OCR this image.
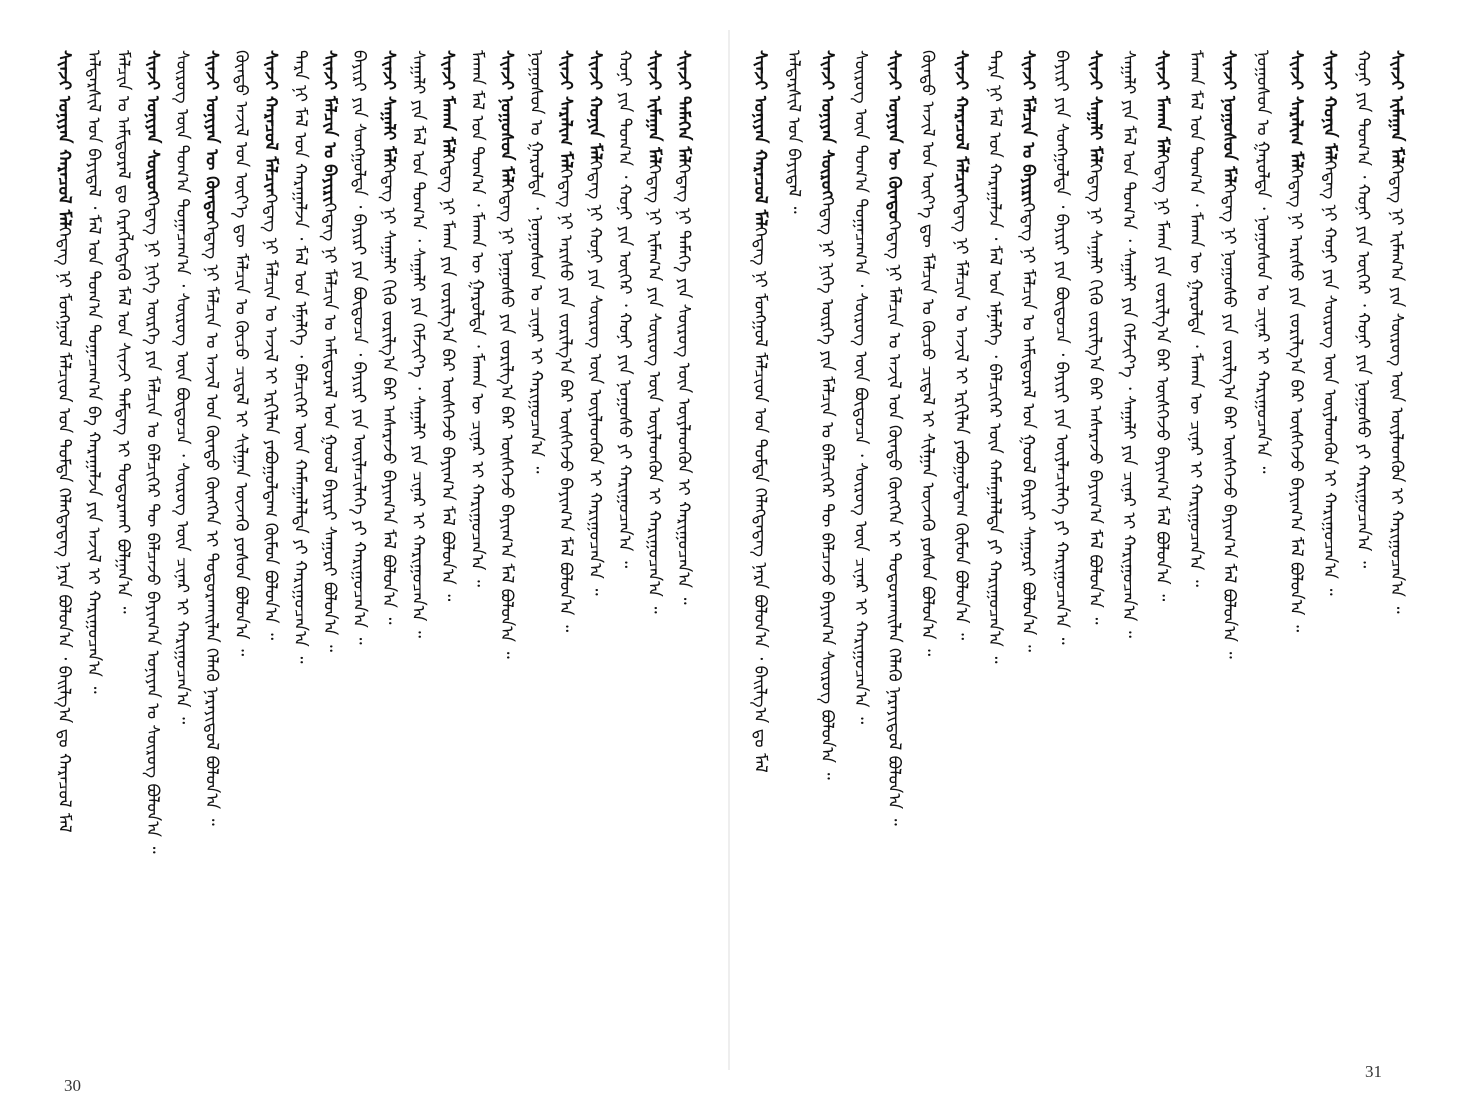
ᠰᠢᠨᠵᠢ ᠤᠨᠢᠶᠡᠨ ᠬᠠᠷᠠᠴᠤᠯ ᠮᠠᠯᠭᠡᠳᠡᠭ ᠨᠢ ᠮᠣᠩᠭᠣᠯ ᠮᠠᠯᠴᠢᠳ ᠤᠨ ᠳᠤᠮᠳᠠ ᠬᠡᠯᠡᠭᠳᠡᠳᠡᠭ ᠨᠡᠷᠡ ᠪᠣᠯᠤᠨ᠎ᠠ ᠂ ᠪᠠᠢᠯᠭ᠎ᠠ ᠳᠤ ᠬᠠᠷᠠᠴᠤᠯ ᠮᠠᠯ ᠠᠯᠳᠠᠷᠰᠢᠯ ᠤᠨ ᠪᠠᠶᠢᠳᠠᠯ ᠂ ᠮᠠᠯ ᠤᠨ ᠲᠣᠭ᠎ᠠ ᠲᠣᠭᠠᠴᠠᠭ᠎ᠠ ᠪᠠ ᠬᠠᠷᠠᠭᠠᠯᠵᠠ ᠶᠢᠨ ᠠᠵᠢᠯ ᠢ ᠬᠠᠷᠢᠭᠤᠴᠠᠨ᠎ᠠ ᠃ ᠮᠠᠯᠴᠢᠨ ᠤ ᠠᠮᠢᠳᠤᠷᠠᠯ ᠳᠤ ᠬᠡᠷᠡᠭᠯᠡᠭᠳᠡᠬᠦ ᠮᠠᠯ ᠤᠨ ᠰᠢᠨᠵᠢ ᠲᠡᠮᠳᠡᠭ ᠢ ᠲᠣᠳᠤᠷᠬᠠᠢ ᠪᠣᠯᠭᠠᠨ᠎ᠠ ᠃ ᠰᠢᠨᠵᠢ ᠤᠨᠢᠶᠡᠨ ᠰᠦᠷᠦᠭᠭᠡᠳᠡᠭ ᠨᠢ ᠨᠢᠭᠡ ᠥᠷᠬᠡ ᠶᠢᠨ ᠮᠠᠯᠴᠢᠨ ᠤ ᠪᠡᠯᠴᠢᠭᠡᠷ ᠲᠦ ᠪᠡᠯᠴᠡᠵᠦ ᠪᠠᠶᠢᠭ᠎ᠠ ᠤᠨᠢᠶᠡᠨ ᠤ ᠰᠦᠷᠦᠭ ᠪᠣᠯᠤᠨ᠎ᠠ ᠃ ᠰᠦᠷᠦᠭ ᠦᠨ ᠲᠣᠭ᠎ᠠ ᠲᠣᠭᠠᠴᠠᠭ᠎ᠠ ᠂ ᠰᠦᠷᠦᠭ ᠦᠨ ᠪᠦᠲᠦᠴᠡ ᠂ ᠰᠦᠷᠦᠭ ᠦᠨ ᠴᠢᠨᠠᠷ ᠢ ᠬᠠᠷᠢᠭᠤᠴᠠᠨ᠎ᠠ ᠃ ᠰᠢᠨᠵᠢ ᠤᠨᠢᠶᠡᠨ ᠦ ᠬᠦᠨᠳᠦᠭᠡᠳᠡᠭ ᠨᠢ ᠮᠠᠯᠴᠢᠨ ᠤ ᠠᠵᠢᠯ ᠤᠨ ᠬᠦᠨᠳᠦ ᠬᠥᠩᠭᠡᠨ ᠢ ᠲᠣᠳᠤᠷᠬᠠᠢᠯᠠᠨ ᠬᠡᠯᠡᠬᠦ ᠨᠡᠷᠡᠶᠢᠳᠦᠯ ᠪᠣᠯᠤᠨ᠎ᠠ ᠃ ᠬᠦᠨᠳᠦ ᠠᠵᠢᠯ ᠤᠨ ᠦᠶ᠎ᠡ ᠳᠦ ᠮᠠᠯᠴᠢᠨ ᠤ ᠬᠦᠴᠦ ᠴᠢᠳᠠᠯ ᠢ ᠰᠢᠯᠭᠠᠨ ᠦᠵᠡᠬᠦ ᠶᠣᠰᠣᠨ ᠪᠣᠯᠤᠨ᠎ᠠ ᠃ ᠰᠢᠨᠵᠢ ᠬᠠᠷᠠᠴᠤᠯ ᠮᠠᠯᠴᠢᠨᠭᠡᠳᠡᠭ ᠨᠢ ᠮᠠᠯᠴᠢᠨ ᠤ ᠠᠵᠢᠯ ᠢ ᠡᠷᠬᠢᠯᠡᠨ ᠶᠠᠪᠤᠭᠤᠯᠳᠠᠭ ᠬᠦᠮᠦᠨ ᠪᠣᠯᠤᠨ᠎ᠠ ᠃ ᠲᠡᠷᠡ ᠨᠢ ᠮᠠᠯ ᠤᠨ ᠬᠠᠷᠠᠭᠠᠯᠵᠠ ᠂ ᠮᠠᠯ ᠤᠨ ᠡᠮᠨᠡᠯᠭᠡ ᠂ ᠪᠡᠯᠴᠢᠭᠡᠷ ᠦᠨ ᠬᠠᠮᠠᠭᠠᠯᠠᠯᠲᠠ ᠶᠢ ᠬᠠᠷᠢᠭᠤᠴᠠᠨ᠎ᠠ ᠃ ᠰᠢᠨᠵᠢ ᠮᠠᠯᠴᠢᠨ ᠤ ᠪᠠᠶᠢᠷᠢᠭᠡᠳᠡᠭ ᠨᠢ ᠮᠠᠯᠴᠢᠨ ᠤ ᠠᠮᠢᠳᠤᠷᠠᠯ ᠤᠨ ᠭᠣᠣᠯ ᠪᠠᠶᠢᠷᠢ ᠰᠠᠭᠤᠷᠢ ᠪᠣᠯᠤᠨ᠎ᠠ ᠃ ᠪᠠᠶᠢᠷᠢ ᠶᠢᠨ ᠰᠣᠩᠭᠤᠯᠲᠠ ᠂ ᠪᠠᠶᠢᠷᠢ ᠶᠢᠨ ᠪᠦᠲᠦᠴᠡ ᠂ ᠪᠠᠶᠢᠷᠢ ᠶᠢᠨ ᠦᠶᠯᠡᠴᠢᠯᠡᠭᠡ ᠶᠢ ᠬᠠᠷᠢᠭᠤᠴᠠᠨ᠎ᠠ ᠃ ᠰᠢᠨᠵᠢ ᠰᠠᠭᠠᠯᠢ ᠮᠠᠯᠭᠡᠳᠡᠭ ᠨᠢ ᠰᠠᠭᠠᠯᠢ ᠬᠢᠬᠦ ᠵᠣᠷᠢᠯᠭ᠎ᠠ ᠪᠠᠷ ᠠᠰᠠᠷᠠᠵᠤ ᠪᠠᠶᠢᠭ᠎ᠠ ᠮᠠᠯ ᠪᠣᠯᠤᠨ᠎ᠠ ᠃ ᠰᠠᠭᠠᠯᠢ ᠶᠢᠨ ᠮᠠᠯ ᠤᠨ ᠲᠣᠭ᠎ᠠ ᠂ ᠰᠠᠭᠠᠯᠢ ᠶᠢᠨ ᠬᠡᠮᠵᠢᠶ᠎ᠡ ᠂ ᠰᠠᠭᠠᠯᠢ ᠶᠢᠨ ᠴᠢᠨᠠᠷ ᠢ ᠬᠠᠷᠢᠭᠤᠴᠠᠨ᠎ᠠ ᠃ ᠰᠢᠨᠵᠢ ᠮᠠᠬᠠᠨ ᠮᠠᠯᠭᠡᠳᠡᠭ ᠨᠢ ᠮᠠᠬᠠ ᠶᠢᠨ ᠵᠣᠷᠢᠯᠭ᠎ᠠ ᠪᠠᠷ ᠥᠰᠬᠡᠵᠦ ᠪᠠᠶᠢᠭ᠎ᠠ ᠮᠠᠯ ᠪᠣᠯᠤᠨ᠎ᠠ ᠃ ᠮᠠᠬᠠᠨ ᠮᠠᠯ ᠤᠨ ᠲᠣᠭ᠎ᠠ ᠂ ᠮᠠᠬᠠᠨ ᠦ ᠭᠠᠷᠤᠯᠲᠠ ᠂ ᠮᠠᠬᠠᠨ ᠦ ᠴᠢᠨᠠᠷ ᠢ ᠬᠠᠷᠢᠭᠤᠴᠠᠨ᠎ᠠ ᠃ ᠰᠢᠨᠵᠢ ᠨᠣᠭᠤᠰᠤᠨ ᠮᠠᠯᠭᠡᠳᠡᠭ ᠨᠢ ᠨᠣᠭᠤᠰᠤ ᠶᠢᠨ ᠵᠣᠷᠢᠯᠭ᠎ᠠ ᠪᠠᠷ ᠥᠰᠬᠡᠵᠦ ᠪᠠᠶᠢᠭ᠎ᠠ ᠮᠠᠯ ᠪᠣᠯᠤᠨ᠎ᠠ ᠃ ᠨᠣᠭᠤᠰᠤᠨ ᠤ ᠭᠠᠷᠤᠯᠲᠠ ᠂ ᠨᠣᠭᠤᠰᠤᠨ ᠤ ᠴᠢᠨᠠᠷ ᠢ ᠬᠠᠷᠢᠭᠤᠴᠠᠨ᠎ᠠ ᠃ ᠰᠢᠨᠵᠢ ᠰᠠᠷᠠᠯᠢᠭ ᠮᠠᠯᠭᠡᠳᠡᠭ ᠨᠢ ᠠᠷᠢᠰᠤ ᠶᠢᠨ ᠵᠣᠷᠢᠯᠭ᠎ᠠ ᠪᠠᠷ ᠥᠰᠬᠡᠵᠦ ᠪᠠᠶᠢᠭ᠎ᠠ ᠮᠠᠯ ᠪᠣᠯᠤᠨ᠎ᠠ ᠃
ᠰᠢᠨᠵᠢ ᠬᠣᠨᠢᠨ ᠮᠠᠯᠭᠡᠳᠡᠭ ᠨᠢ ᠬᠣᠨᠢ ᠶᠢᠨ ᠰᠦᠷᠦᠭ ᠦᠨ ᠦᠶᠯᠡᠳᠬᠦᠨ ᠢ ᠬᠠᠷᠢᠭᠤᠴᠠᠨ᠎ᠠ ᠃ ᠬᠣᠨᠢ ᠶᠢᠨ ᠲᠣᠭ᠎ᠠ ᠂ ᠬᠣᠨᠢ ᠶᠢᠨ ᠦᠭᠡᠷ ᠂ ᠬᠣᠨᠢ ᠶᠢᠨ ᠨᠣᠭᠤᠰᠤ ᠶᠢ ᠬᠠᠷᠢᠭᠤᠴᠠᠨ᠎ᠠ ᠃ ᠰᠢᠨᠵᠢ ᠢᠮᠠᠭᠠᠨ ᠮᠠᠯᠭᠡᠳᠡᠭ ᠨᠢ ᠢᠮᠠᠭ᠎ᠠ ᠶᠢᠨ ᠰᠦᠷᠦᠭ ᠦᠨ ᠦᠶᠯᠡᠳᠬᠦᠨ ᠢ ᠬᠠᠷᠢᠭᠤᠴᠠᠨ᠎ᠠ ᠃
ᠰᠢᠨᠵᠢ ᠲᠡᠮᠡᠭᠡᠨ ᠮᠠᠯᠭᠡᠳᠡᠭ ᠨᠢ ᠲᠡᠮᠡᠭᠡ ᠶᠢᠨ ᠰᠦᠷᠦᠭ ᠦᠨ ᠦᠶᠯᠡᠳᠬᠦᠨ ᠢ ᠬᠠᠷᠢᠭᠤᠴᠠᠨ᠎ᠠ ᠃
ᠰᠢᠨᠵᠢ ᠤᠨᠢᠶᠡᠨ ᠬᠠᠷᠠᠴᠤᠯ ᠮᠠᠯᠭᠡᠳᠡᠭ ᠨᠢ ᠮᠣᠩᠭᠣᠯ ᠮᠠᠯᠴᠢᠳ ᠤᠨ ᠳᠤᠮᠳᠠ ᠬᠡᠯᠡᠭᠳᠡᠳᠡᠭ ᠨᠡᠷᠡ ᠪᠣᠯᠤᠨ᠎ᠠ ᠂ ᠪᠠᠢᠯᠭ᠎ᠠ ᠳᠤ ᠮᠠᠯ
ᠠᠯᠳᠠᠷᠰᠢᠯ ᠤᠨ ᠪᠠᠶᠢᠳᠠᠯ ᠃ ᠰᠢᠨᠵᠢ ᠤᠨᠢᠶᠡᠨ ᠰᠦᠷᠦᠭᠭᠡᠳᠡᠭ ᠨᠢ ᠨᠢᠭᠡ ᠥᠷᠬᠡ ᠶᠢᠨ ᠮᠠᠯᠴᠢᠨ ᠤ ᠪᠡᠯᠴᠢᠭᠡᠷ ᠲᠦ ᠪᠡᠯᠴᠡᠵᠦ ᠪᠠᠶᠢᠭ᠎ᠠ ᠰᠦᠷᠦᠭ ᠪᠣᠯᠤᠨ᠎ᠠ ᠃ ᠰᠦᠷᠦᠭ ᠦᠨ ᠲᠣᠭ᠎ᠠ ᠲᠣᠭᠠᠴᠠᠭ᠎ᠠ ᠂ ᠰᠦᠷᠦᠭ ᠦᠨ ᠪᠦᠲᠦᠴᠡ ᠂ ᠰᠦᠷᠦᠭ ᠦᠨ ᠴᠢᠨᠠᠷ ᠢ ᠬᠠᠷᠢᠭᠤᠴᠠᠨ᠎ᠠ ᠃ ᠰᠢᠨᠵᠢ ᠤᠨᠢᠶᠡᠨ ᠦ ᠬᠦᠨᠳᠦᠭᠡᠳᠡᠭ ᠨᠢ ᠮᠠᠯᠴᠢᠨ ᠤ ᠠᠵᠢᠯ ᠤᠨ ᠬᠦᠨᠳᠦ ᠬᠥᠩᠭᠡᠨ ᠢ ᠲᠣᠳᠤᠷᠬᠠᠢᠯᠠᠨ ᠬᠡᠯᠡᠬᠦ ᠨᠡᠷᠡᠶᠢᠳᠦᠯ ᠪᠣᠯᠤᠨ᠎ᠠ ᠃ ᠬᠦᠨᠳᠦ ᠠᠵᠢᠯ ᠤᠨ ᠦᠶ᠎ᠡ ᠳᠦ ᠮᠠᠯᠴᠢᠨ ᠤ ᠬᠦᠴᠦ ᠴᠢᠳᠠᠯ ᠢ ᠰᠢᠯᠭᠠᠨ ᠦᠵᠡᠬᠦ ᠶᠣᠰᠣᠨ ᠪᠣᠯᠤᠨ᠎ᠠ ᠃ ᠰᠢᠨᠵᠢ ᠬᠠᠷᠠᠴᠤᠯ ᠮᠠᠯᠴᠢᠨᠭᠡᠳᠡᠭ ᠨᠢ ᠮᠠᠯᠴᠢᠨ ᠤ ᠠᠵᠢᠯ ᠢ ᠡᠷᠬᠢᠯᠡᠨ ᠶᠠᠪᠤᠭᠤᠯᠳᠠᠭ ᠬᠦᠮᠦᠨ ᠪᠣᠯᠤᠨ᠎ᠠ ᠃ ᠲᠡᠷᠡ ᠨᠢ ᠮᠠᠯ ᠤᠨ ᠬᠠᠷᠠᠭᠠᠯᠵᠠ ᠂ ᠮᠠᠯ ᠤᠨ ᠡᠮᠨᠡᠯᠭᠡ ᠂ ᠪᠡᠯᠴᠢᠭᠡᠷ ᠦᠨ ᠬᠠᠮᠠᠭᠠᠯᠠᠯᠲᠠ ᠶᠢ ᠬᠠᠷᠢᠭᠤᠴᠠᠨ᠎ᠠ ᠃ ᠰᠢᠨᠵᠢ ᠮᠠᠯᠴᠢᠨ ᠤ ᠪᠠᠶᠢᠷᠢᠭᠡᠳᠡᠭ ᠨᠢ ᠮᠠᠯᠴᠢᠨ ᠤ ᠠᠮᠢᠳᠤᠷᠠᠯ ᠤᠨ ᠭᠣᠣᠯ ᠪᠠᠶᠢᠷᠢ ᠰᠠᠭᠤᠷᠢ ᠪᠣᠯᠤᠨ᠎ᠠ ᠃ ᠪᠠᠶᠢᠷᠢ ᠶᠢᠨ ᠰᠣᠩᠭᠤᠯᠲᠠ ᠂ ᠪᠠᠶᠢᠷᠢ ᠶᠢᠨ ᠪᠦᠲᠦᠴᠡ ᠂ ᠪᠠᠶᠢᠷᠢ ᠶᠢᠨ ᠦᠶᠯᠡᠴᠢᠯᠡᠭᠡ ᠶᠢ ᠬᠠᠷᠢᠭᠤᠴᠠᠨ᠎ᠠ ᠃ ᠰᠢᠨᠵᠢ ᠰᠠᠭᠠᠯᠢ ᠮᠠᠯᠭᠡᠳᠡᠭ ᠨᠢ ᠰᠠᠭᠠᠯᠢ ᠬᠢᠬᠦ ᠵᠣᠷᠢᠯᠭ᠎ᠠ ᠪᠠᠷ ᠠᠰᠠᠷᠠᠵᠤ ᠪᠠᠶᠢᠭ᠎ᠠ ᠮᠠᠯ ᠪᠣᠯᠤᠨ᠎ᠠ ᠃ ᠰᠠᠭᠠᠯᠢ ᠶᠢᠨ ᠮᠠᠯ ᠤᠨ ᠲᠣᠭ᠎ᠠ ᠂ ᠰᠠᠭᠠᠯᠢ ᠶᠢᠨ ᠬᠡᠮᠵᠢᠶ᠎ᠡ ᠂ ᠰᠠᠭᠠᠯᠢ ᠶᠢᠨ ᠴᠢᠨᠠᠷ ᠢ ᠬᠠᠷᠢᠭᠤᠴᠠᠨ᠎ᠠ ᠃ ᠰᠢᠨᠵᠢ ᠮᠠᠬᠠᠨ ᠮᠠᠯᠭᠡᠳᠡᠭ ᠨᠢ ᠮᠠᠬᠠ ᠶᠢᠨ ᠵᠣᠷᠢᠯᠭ᠎ᠠ ᠪᠠᠷ ᠥᠰᠬᠡᠵᠦ ᠪᠠᠶᠢᠭ᠎ᠠ ᠮᠠᠯ ᠪᠣᠯᠤᠨ᠎ᠠ ᠃ ᠮᠠᠬᠠᠨ ᠮᠠᠯ ᠤᠨ ᠲᠣᠭ᠎ᠠ ᠂ ᠮᠠᠬᠠᠨ ᠦ ᠭᠠᠷᠤᠯᠲᠠ ᠂ ᠮᠠᠬᠠᠨ ᠦ ᠴᠢᠨᠠᠷ ᠢ ᠬᠠᠷᠢᠭᠤᠴᠠᠨ᠎ᠠ ᠃ ᠰᠢᠨᠵᠢ ᠨᠣᠭᠤᠰᠤᠨ ᠮᠠᠯᠭᠡᠳᠡᠭ ᠨᠢ ᠨᠣᠭᠤᠰᠤ ᠶᠢᠨ ᠵᠣᠷᠢᠯᠭ᠎ᠠ ᠪᠠᠷ ᠥᠰᠬᠡᠵᠦ ᠪᠠᠶᠢᠭ᠎ᠠ ᠮᠠᠯ ᠪᠣᠯᠤᠨ᠎ᠠ ᠃ ᠨᠣᠭᠤᠰᠤᠨ ᠤ ᠭᠠᠷᠤᠯᠲᠠ ᠂ ᠨᠣᠭᠤᠰᠤᠨ ᠤ ᠴᠢᠨᠠᠷ ᠢ ᠬᠠᠷᠢᠭᠤᠴᠠᠨ᠎ᠠ ᠃ ᠰᠢᠨᠵᠢ ᠰᠠᠷᠠᠯᠢᠭ ᠮᠠᠯᠭᠡᠳᠡᠭ ᠨᠢ ᠠᠷᠢᠰᠤ ᠶᠢᠨ ᠵᠣᠷᠢᠯᠭ᠎ᠠ ᠪᠠᠷ ᠥᠰᠬᠡᠵᠦ ᠪᠠᠶᠢᠭ᠎ᠠ ᠮᠠᠯ ᠪᠣᠯᠤᠨ᠎ᠠ ᠃
ᠰᠢᠨᠵᠢ ᠬᠣᠨᠢᠨ ᠮᠠᠯᠭᠡᠳᠡᠭ ᠨᠢ ᠬᠣᠨᠢ ᠶᠢᠨ ᠰᠦᠷᠦᠭ ᠦᠨ ᠦᠶᠯᠡᠳᠬᠦᠨ ᠢ ᠬᠠᠷᠢᠭᠤᠴᠠᠨ᠎ᠠ ᠃ ᠬᠣᠨᠢ ᠶᠢᠨ ᠲᠣᠭ᠎ᠠ ᠂ ᠬᠣᠨᠢ ᠶᠢᠨ ᠦᠭᠡᠷ ᠂ ᠬᠣᠨᠢ ᠶᠢᠨ ᠨᠣᠭᠤᠰᠤ ᠶᠢ ᠬᠠᠷᠢᠭᠤᠴᠠᠨ᠎ᠠ ᠃ ᠰᠢᠨᠵᠢ ᠢᠮᠠᠭᠠᠨ ᠮᠠᠯᠭᠡᠳᠡᠭ ᠨᠢ ᠢᠮᠠᠭ᠎ᠠ ᠶᠢᠨ ᠰᠦᠷᠦᠭ ᠦᠨ ᠦᠶᠯᠡᠳᠬᠦᠨ ᠢ ᠬᠠᠷᠢᠭᠤᠴᠠᠨ᠎ᠠ ᠃
30
31
